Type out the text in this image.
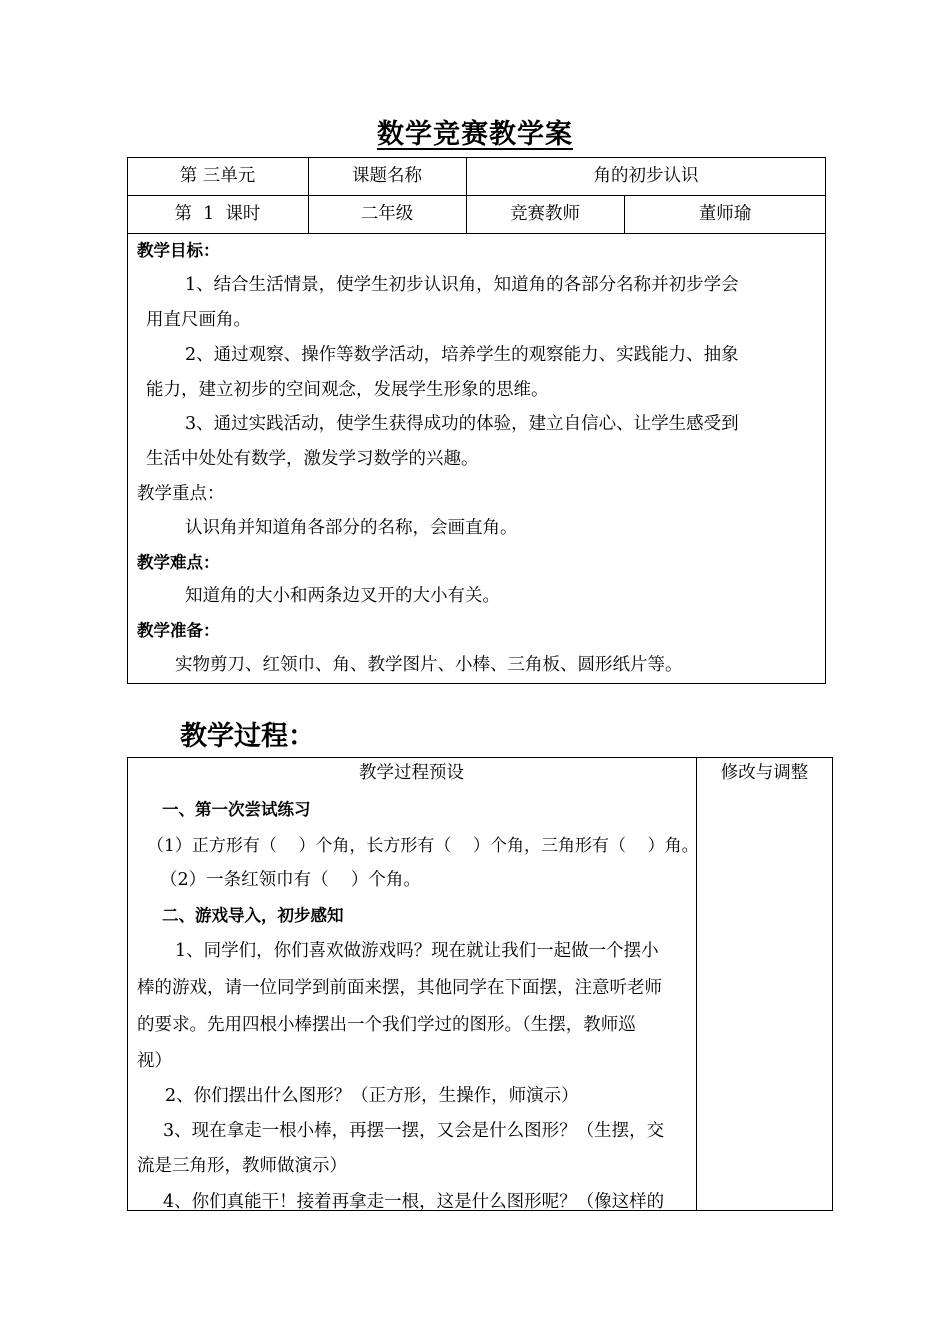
数学竞赛教学案
第 三单元	课题名称	角的初步认识
第  1  课时	二年级	竞赛教师	董师瑜
教学目标：
1、结合生活情景，使学生初步认识角，知道角的各部分名称并初步学会
用直尺画角。
2、通过观察、操作等数学活动，培养学生的观察能力、实践能力、抽象
能力，建立初步的空间观念，发展学生形象的思维。
3、通过实践活动，使学生获得成功的体验，建立自信心、让学生感受到
生活中处处有数学，激发学习数学的兴趣。
教学重点：
认识角并知道角各部分的名称，会画直角。
教学难点：
知道角的大小和两条边叉开的大小有关。
教学准备：
实物剪刀、红领巾、角、教学图片、小棒、三角板、圆形纸片等。
教学过程：
教学过程预设	修改与调整
一、第一次尝试练习
（1）正方形有（    ）个角，长方形有（    ）个角，三角形有（    ）角。
（2）一条红领巾有（    ）个角。
二、游戏导入，初步感知
1、同学们，你们喜欢做游戏吗？现在就让我们一起做一个摆小
棒的游戏，请一位同学到前面来摆，其他同学在下面摆，注意听老师
的要求。先用四根小棒摆出一个我们学过的图形。（生摆，教师巡
视）
2、你们摆出什么图形？（正方形，生操作，师演示）
3、现在拿走一根小棒，再摆一摆，又会是什么图形？（生摆，交
流是三角形，教师做演示）
4、你们真能干！接着再拿走一根，这是什么图形呢？（像这样的
